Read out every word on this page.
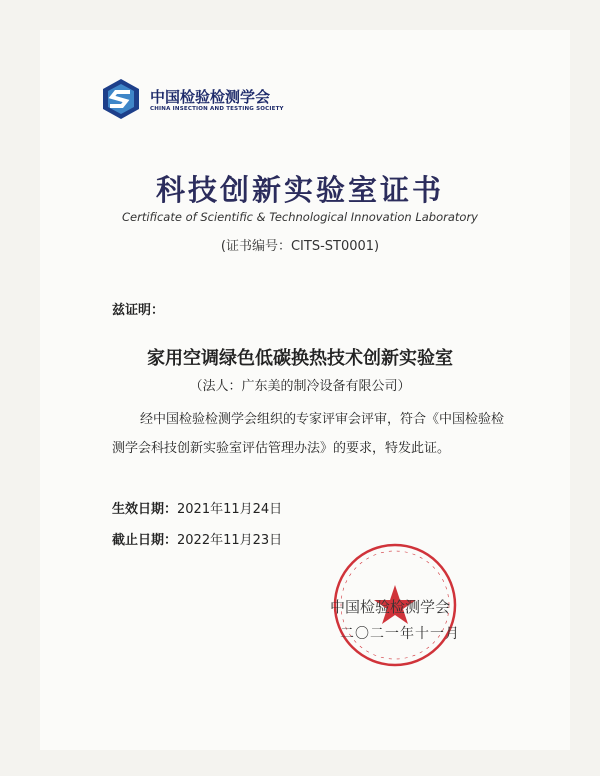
中国检验检测学会
CHINA INSECTION AND TESTING SOCIETY
科技创新实验室证书
Certificate of Scientific & Technological Innovation Laboratory
(证书编号：CITS-ST0001)
兹证明：
家用空调绿色低碳换热技术创新实验室
（法人：广东美的制冷设备有限公司）
经中国检验检测学会组织的专家评审会评审，符合《中国检验检
测学会科技创新实验室评估管理办法》的要求，特发此证。
生效日期：2021年11月24日
截止日期：2022年11月23日
中国检验检测学会
二〇二一年十一月
